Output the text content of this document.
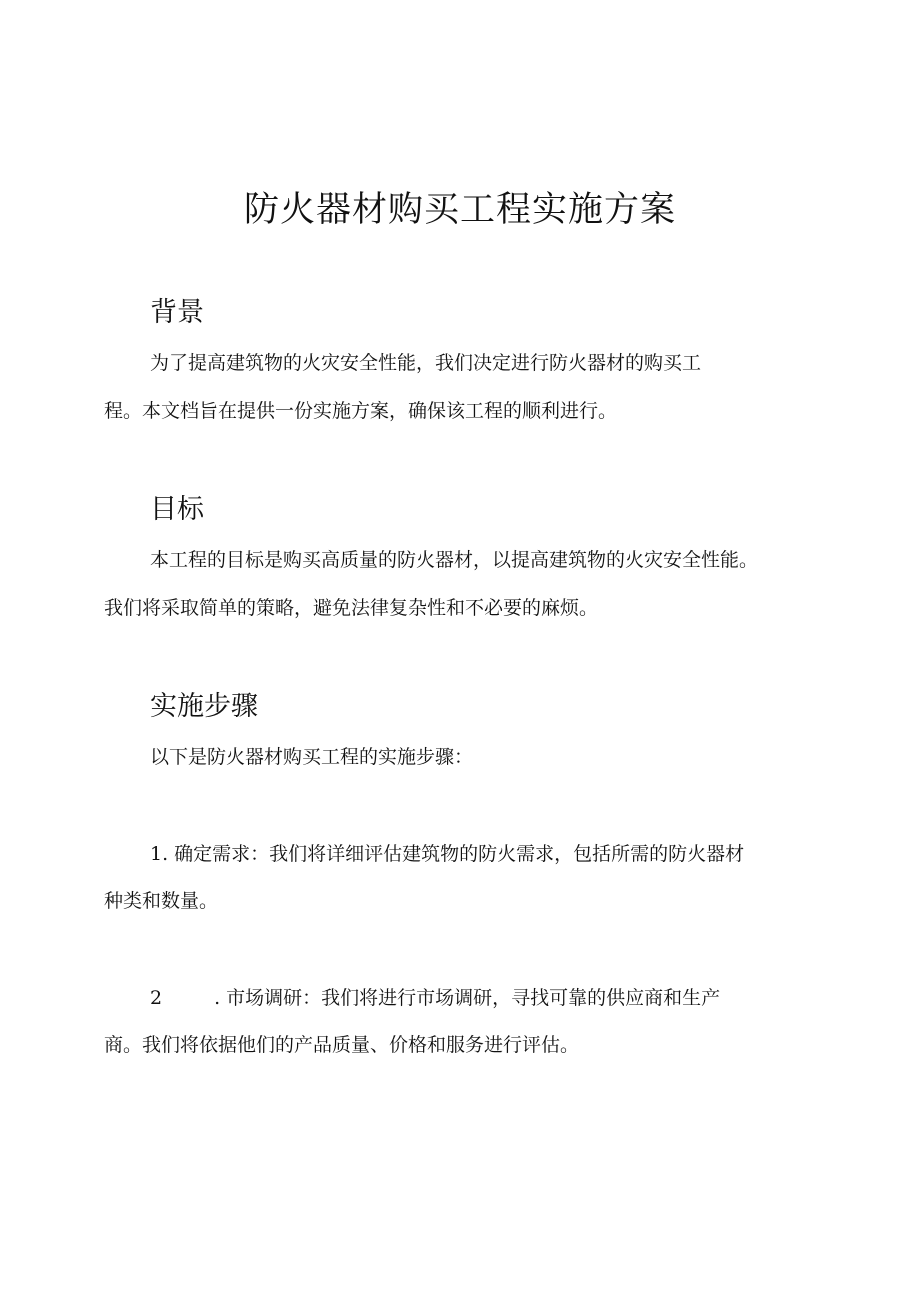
防火器材购买工程实施方案
背景
为了提高建筑物的火灾安全性能，我们决定进行防火器材的购买工
程。本文档旨在提供一份实施方案，确保该工程的顺利进行。
目标
本工程的目标是购买高质量的防火器材，以提高建筑物的火灾安全性能。
我们将采取简单的策略，避免法律复杂性和不必要的麻烦。
实施步骤
以下是防火器材购买工程的实施步骤：
1. 确定需求：我们将详细评估建筑物的防火需求，包括所需的防火器材
种类和数量。
2	. 市场调研：我们将进行市场调研，寻找可靠的供应商和生产
商。我们将依据他们的产品质量、价格和服务进行评估。
